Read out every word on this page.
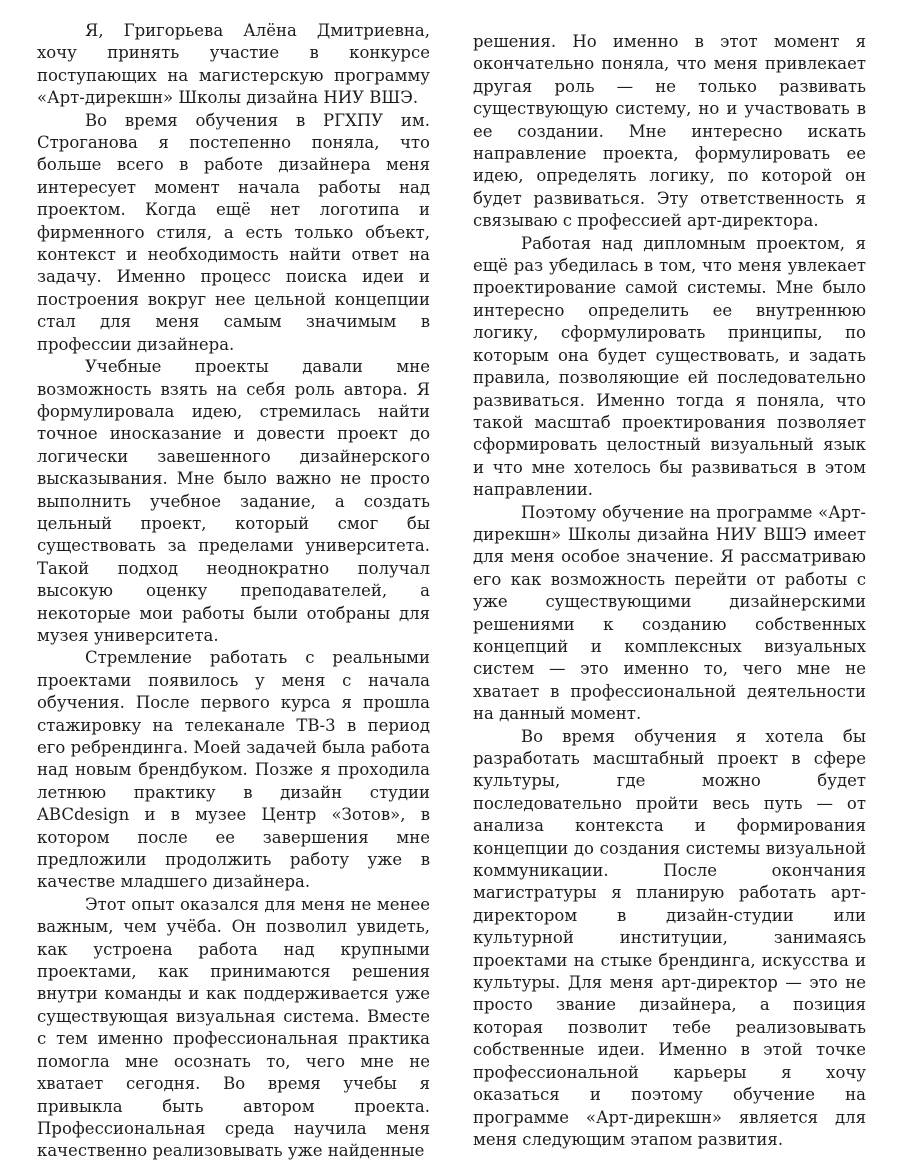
Я, Григорьева Алёна Дмитриевна, хочу принять участие в конкурсе поступающих на магистерскую программу «Арт-дирекшн» Школы дизайна НИУ ВШЭ.

Во время обучения в РГХПУ им. Строганова я постепенно поняла, что больше всего в работе дизайнера меня интересует момент начала работы над проектом. Когда ещё нет логотипа и фирменного стиля, а есть только объект, контекст и необходимость найти ответ на задачу. Именно процесс поиска идеи и построения вокруг нее цельной концепции стал для меня самым значимым в профессии дизайнера.

Учебные проекты давали мне возможность взять на себя роль автора. Я формулировала идею, стремилась найти точное иносказание и довести проект до логически завешенного дизайнерского высказывания. Мне было важно не просто выполнить учебное задание, а создать цельный проект, который смог бы существовать за пределами университета. Такой подход неоднократно получал высокую оценку преподавателей, а некоторые мои работы были отобраны для музея университета.

Стремление работать с реальными проектами появилось у меня с начала обучения. После первого курса я прошла стажировку на телеканале ТВ-3 в период его ребрендинга. Моей задачей была работа над новым брендбуком. Позже я проходила летнюю практику в дизайн студии ABCdesign и в музее Центр «Зотов», в котором после ее завершения мне предложили продолжить работу уже в качестве младшего дизайнера.

Этот опыт оказался для меня не менее важным, чем учёба. Он позволил увидеть, как устроена работа над крупными проектами, как принимаются решения внутри команды и как поддерживается уже существующая визуальная система. Вместе с тем именно профессиональная практика помогла мне осознать то, чего мне не хватает сегодня. Во время учебы я привыкла быть автором проекта. Профессиональная среда научила меня качественно реализовывать уже найденные

решения. Но именно в этот момент я окончательно поняла, что меня привлекает другая роль — не только развивать существующую систему, но и участвовать в ее создании. Мне интересно искать направление проекта, формулировать ее идею, определять логику, по которой он будет развиваться. Эту ответственность я связываю с профессией арт-директора.

Работая над дипломным проектом, я ещё раз убедилась в том, что меня увлекает проектирование самой системы. Мне было интересно определить ее внутреннюю логику, сформулировать принципы, по которым она будет существовать, и задать правила, позволяющие ей последовательно развиваться. Именно тогда я поняла, что такой масштаб проектирования позволяет сформировать целостный визуальный язык и что мне хотелось бы развиваться в этом направлении.

Поэтому обучение на программе «Арт-дирекшн» Школы дизайна НИУ ВШЭ имеет для меня особое значение. Я рассматриваю его как возможность перейти от работы с уже существующими дизайнерскими решениями к созданию собственных концепций и комплексных визуальных систем — это именно то, чего мне не хватает в профессиональной деятельности на данный момент.

Во время обучения я хотела бы разработать масштабный проект в сфере культуры, где можно будет последовательно пройти весь путь — от анализа контекста и формирования концепции до создания системы визуальной коммуникации. После окончания магистратуры я планирую работать арт-директором в дизайн-студии или культурной институции, занимаясь проектами на стыке брендинга, искусства и культуры. Для меня арт-директор — это не просто звание дизайнера, а позиция которая позволит тебе реализовывать собственные идеи. Именно в этой точке профессиональной карьеры я хочу оказаться и поэтому обучение на программе «Арт-дирекшн» является для меня следующим этапом развития.
